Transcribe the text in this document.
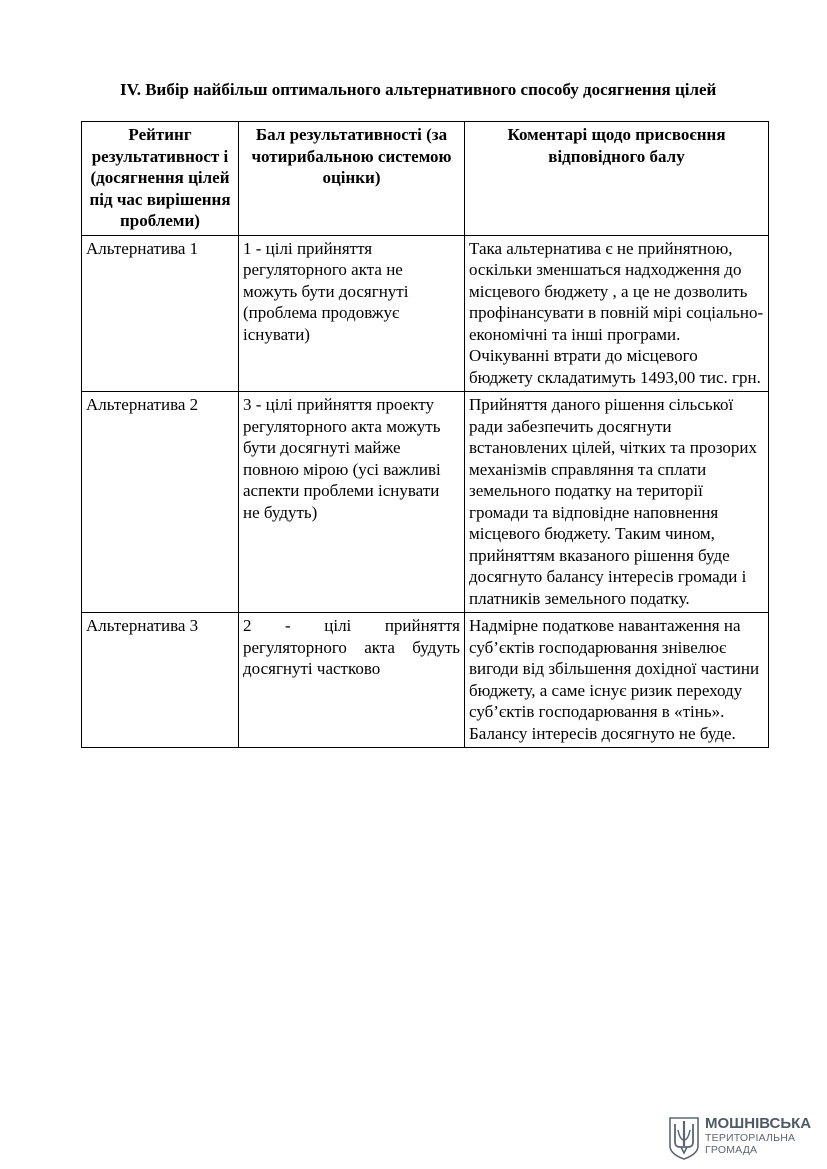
IV. Вибір найбільш оптимального альтернативного способу досягнення цілей

Рейтинг результативност і (досягнення цілей під час вирішення проблеми)	Бал результативності (за чотирибальною системою оцінки)	Коментарі щодо присвоєння відповідного балу
Альтернатива 1	1 - цілі прийняття регуляторного акта не можуть бути досягнуті (проблема продовжує існувати)	Така альтернатива є не прийнятною, оскільки зменшаться надходження до місцевого бюджету , а це не дозволить профінансувати в повній мірі соціально- економічні та інші програми. Очікуванні втрати до місцевого бюджету складатимуть 1493,00 тис. грн.
Альтернатива 2	3 - цілі прийняття проекту регуляторного акта можуть бути досягнуті майже повною мірою (усі важливі аспекти проблеми існувати не будуть)	Прийняття даного рішення сільської ради забезпечить досягнути встановлених цілей, чітких та прозорих механізмів справляння та сплати земельного податку на території громади та відповідне наповнення місцевого бюджету. Таким чином, прийняттям вказаного рішення буде досягнуто балансу інтересів громади і платників земельного податку.
Альтернатива 3	2 - цілі прийняття регуляторного акта будуть досягнуті частково	Надмірне податкове навантаження на суб’єктів господарювання знівелює вигоди від збільшення дохідної частини бюджету, а саме існує ризик переходу суб’єктів господарювання в «тінь». Балансу інтересів досягнуто не буде.
МОШНІВСЬКА
ТЕРИТОРІАЛЬНА
ГРОМАДА
